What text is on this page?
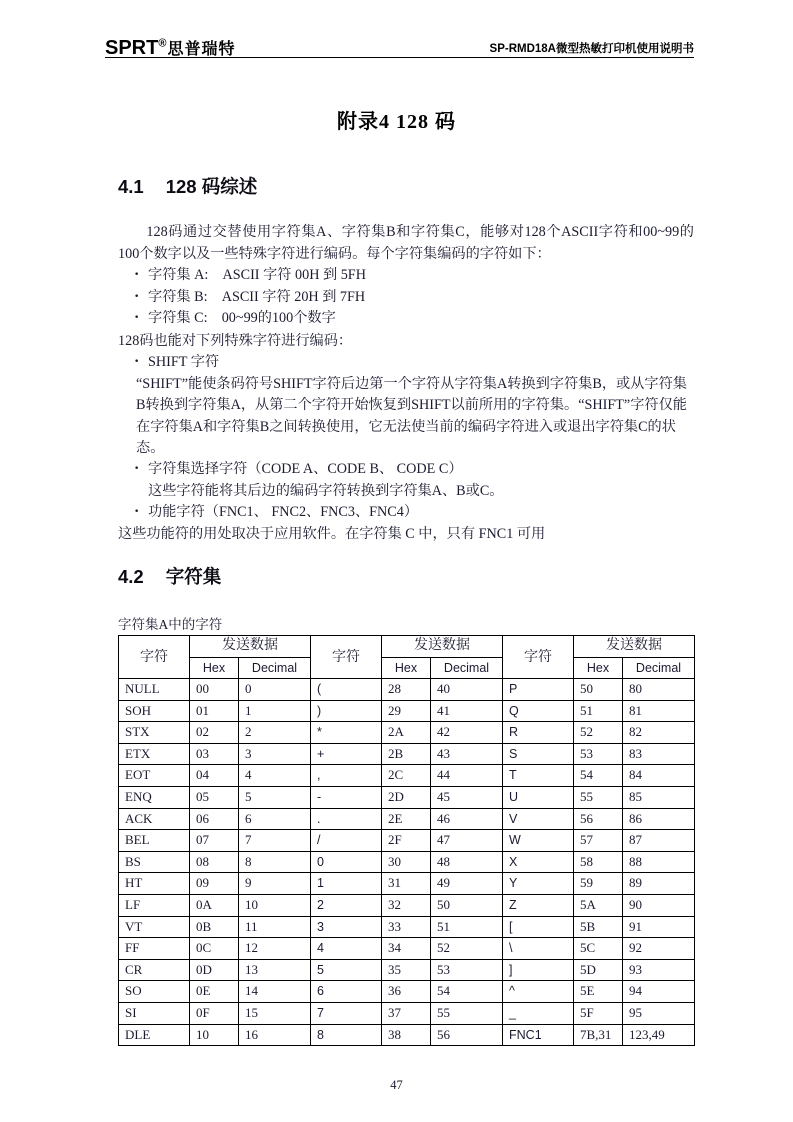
SPRT®思普瑞特	SP-RMD18A微型热敏打印机使用说明书
附录4 128 码
4.1 128 码综述
128码通过交替使用字符集A、字符集B和字符集C，能够对128个ASCII字符和00~99的100个数字以及一些特殊字符进行编码。每个字符集编码的字符如下：
· 字符集 A:　ASCII 字符 00H 到 5FH
· 字符集 B:　ASCII 字符 20H 到 7FH
· 字符集 C:　00~99的100个数字
128码也能对下列特殊字符进行编码：
· SHIFT 字符
“SHIFT”能使条码符号SHIFT字符后边第一个字符从字符集A转换到字符集B，或从字符集B转换到字符集A，从第二个字符开始恢复到SHIFT以前所用的字符集。“SHIFT”字符仅能在字符集A和字符集B之间转换使用，它无法使当前的编码字符进入或退出字符集C的状态。
· 字符集选择字符（CODE A、CODE B、 CODE C）
这些字符能将其后边的编码字符转换到字符集A、B或C。
· 功能字符（FNC1、 FNC2、FNC3、FNC4）
这些功能符的用处取决于应用软件。在字符集 C 中，只有 FNC1 可用
4.2 字符集
字符集A中的字符
字符	发送数据		字符	发送数据		字符	发送数据	
	Hex	Decimal		Hex	Decimal		Hex	Decimal
NULL	00	0	(	28	40	P	50	80
SOH	01	1	)	29	41	Q	51	81
STX	02	2	*	2A	42	R	52	82
ETX	03	3	+	2B	43	S	53	83
EOT	04	4	,	2C	44	T	54	84
ENQ	05	5	-	2D	45	U	55	85
ACK	06	6	.	2E	46	V	56	86
BEL	07	7	/	2F	47	W	57	87
BS	08	8	0	30	48	X	58	88
HT	09	9	1	31	49	Y	59	89
LF	0A	10	2	32	50	Z	5A	90
VT	0B	11	3	33	51	[	5B	91
FF	0C	12	4	34	52	\	5C	92
CR	0D	13	5	35	53	]	5D	93
SO	0E	14	6	36	54	^	5E	94
SI	0F	15	7	37	55	_	5F	95
DLE	10	16	8	38	56	FNC1	7B,31	123,49
47
